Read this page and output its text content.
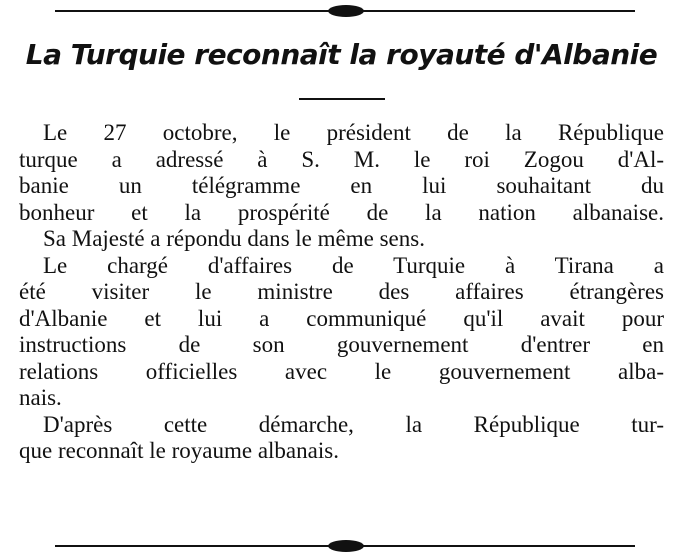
La Turquie reconnaît la royauté d'Albanie
Le 27 octobre, le président de la République
turque a adressé à S. M. le roi Zogou d'Al-
banie un télégramme en lui souhaitant du
bonheur et la prospérité de la nation albanaise.
Sa Majesté a répondu dans le même sens.
Le chargé d'affaires de Turquie à Tirana a
été visiter le ministre des affaires étrangères
d'Albanie et lui a communiqué qu'il avait pour
instructions de son gouvernement d'entrer en
relations officielles avec le gouvernement alba-
nais.
D'après cette démarche, la République tur-
que reconnaît le royaume albanais.
